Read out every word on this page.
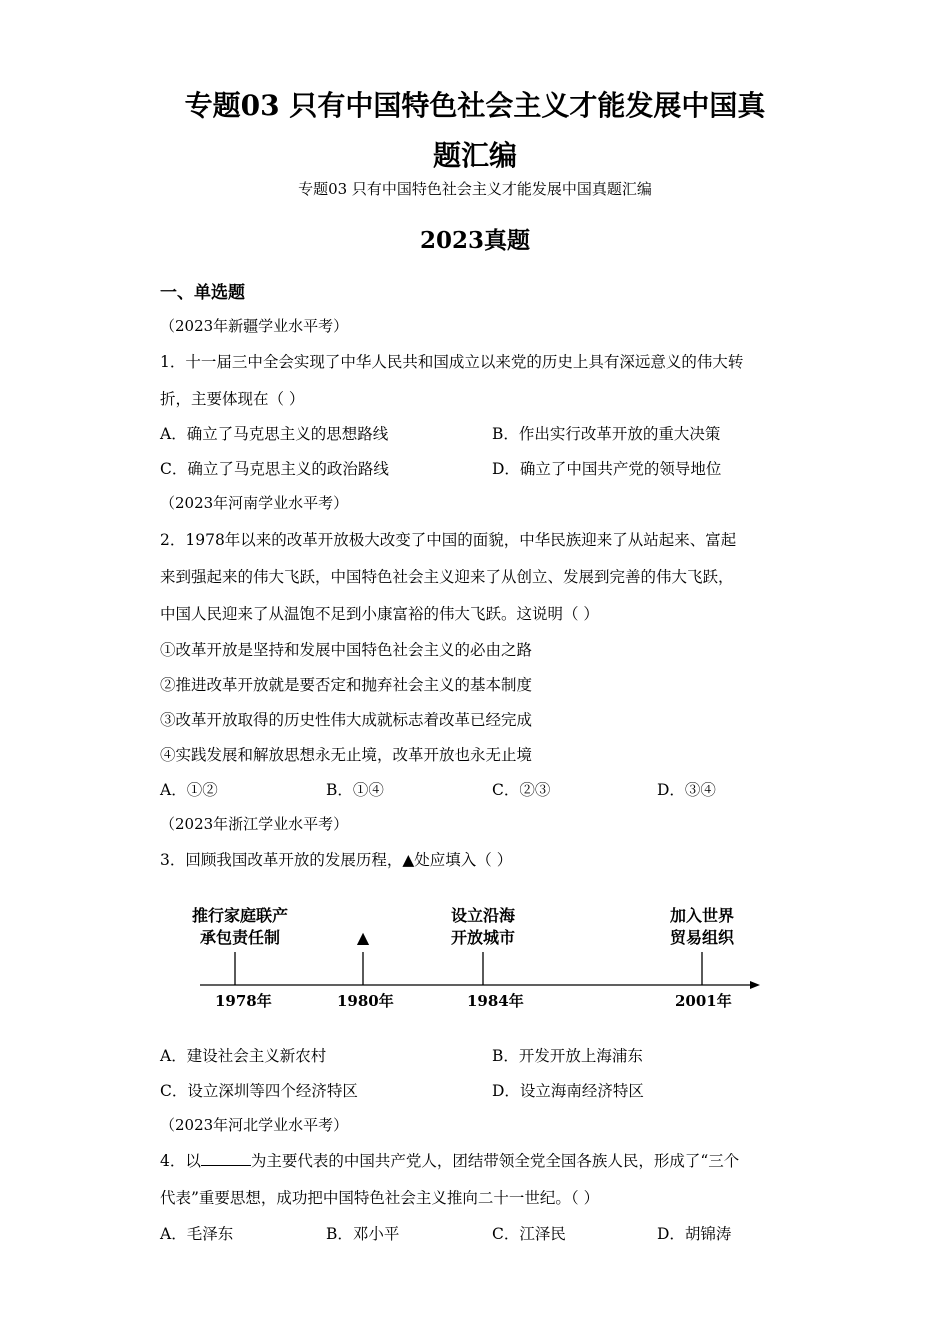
专题03 只有中国特色社会主义才能发展中国真
题汇编
专题03 只有中国特色社会主义才能发展中国真题汇编
2023真题
一、单选题
（2023年新疆学业水平考）
1．十一届三中全会实现了中华人民共和国成立以来党的历史上具有深远意义的伟大转
折，主要体现在（ ）
A．确立了马克思主义的思想路线	B．作出实行改革开放的重大决策
C．确立了马克思主义的政治路线	D．确立了中国共产党的领导地位
（2023年河南学业水平考）
2．1978年以来的改革开放极大改变了中国的面貌，中华民族迎来了从站起来、富起
来到强起来的伟大飞跃，中国特色社会主义迎来了从创立、发展到完善的伟大飞跃，
中国人民迎来了从温饱不足到小康富裕的伟大飞跃。这说明（ ）
①改革开放是坚持和发展中国特色社会主义的必由之路
②推进改革开放就是要否定和抛弃社会主义的基本制度
③改革开放取得的历史性伟大成就标志着改革已经完成
④实践发展和解放思想永无止境，改革开放也永无止境
A．①②	B．①④	C．②③	D．③④
（2023年浙江学业水平考）
3．回顾我国改革开放的发展历程，▲处应填入（ ）
推行家庭联产
承包责任制	▲
设立沿海
开放城市
加入世界
贸易组织
1978年	1980年	1984年	2001年
A．建设社会主义新农村	B．开发开放上海浦东
C．设立深圳等四个经济特区	D．设立海南经济特区
（2023年河北学业水平考）
4．以	为主要代表的中国共产党人，团结带领全党全国各族人民，形成了“三个
代表”重要思想，成功把中国特色社会主义推向二十一世纪。（ ）
A．毛泽东	B．邓小平	C．江泽民	D．胡锦涛
